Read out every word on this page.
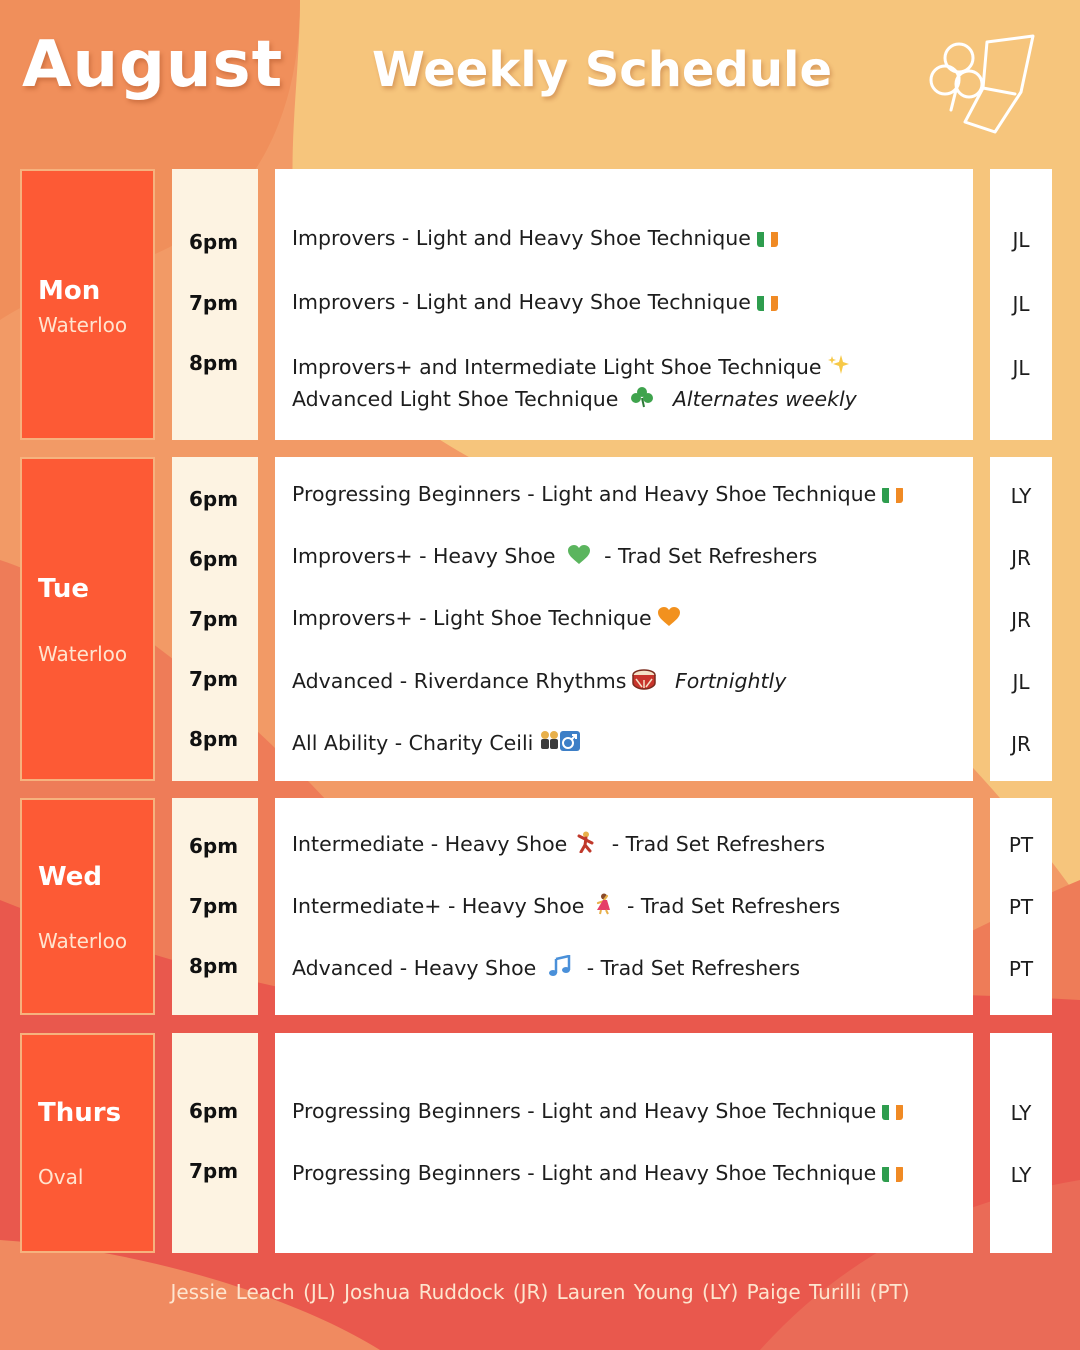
August Weekly Schedule
Mon
Waterloo
6pm
7pm
8pm
Improvers - Light and Heavy Shoe Technique
Improvers - Light and Heavy Shoe Technique
Improvers+ and Intermediate Light Shoe Technique
Advanced Light Shoe Technique	Alternates weekly
JL
JL
JL
Tue
Waterloo
6pm
6pm
7pm
7pm
8pm
Progressing Beginners - Light and Heavy Shoe Technique
Improvers+ - Heavy Shoe - Trad Set Refreshers
Improvers+ - Light Shoe Technique
Advanced - Riverdance Rhythms Fortnightly
All Ability - Charity Ceili
LY
JR
JR
JL
JR
Wed
Waterloo
6pm
7pm
8pm
Intermediate - Heavy Shoe - Trad Set Refreshers
Intermediate+ - Heavy Shoe - Trad Set Refreshers
Advanced - Heavy Shoe - Trad Set Refreshers
PT
PT
PT
Thurs
Oval
6pm
7pm
Progressing Beginners - Light and Heavy Shoe Technique
Progressing Beginners - Light and Heavy Shoe Technique
LY
LY
Jessie Leach (JL) Joshua Ruddock (JR) Lauren Young (LY) Paige Turilli (PT)
